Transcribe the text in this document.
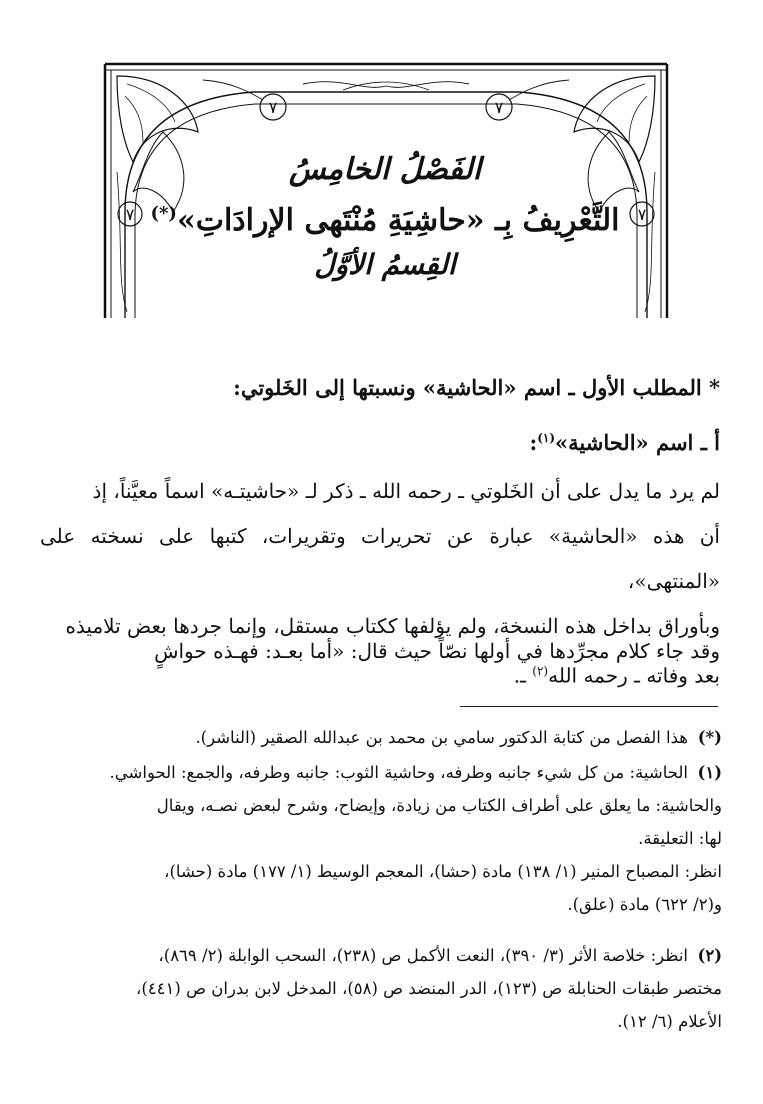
٧	٧
٧	٧

الفَصْلُ الخامِسُ

التَّعْرِيفُ بِـ «حاشِيَةِ مُنْتَهى الإرادَاتِ»(*)

القِسمُ الأوَّلُ

* المطلب الأول ـ اسم «الحاشية» ونسبتها إلى الخَلوتي:
أ ـ اسم «الحاشية»$^{(١)}$:

لم يرد ما يدل على أن الخَلوتي ـ رحمه الله ـ ذكر لـ «حاشيتـه» اسماً معيَّناً، إذ

أن هذه «الحاشية» عبارة عن تحريرات وتقريرات، كتبها على نسخته على «المنتهى»،

وبأوراق بداخل هذه النسخة، ولم يؤلفها ككتاب مستقل، وإنما جردها بعض تلاميذه

بعد وفاته ـ رحمه الله$^{(٢)}$ ـ.

وقد جاء كلام مجرِّدها في أولها نصّاً حيث قال: «أما بعـد: فهـذه حواشٍ
(*)هذا الفصل من كتابة الدكتور سامي بن محمد بن عبدالله الصقير (الناشر).
(١)الحاشية: من كل شيء جانبه وطرفه، وحاشية الثوب: جانبه وطرفه، والجمع: الحواشي.
والحاشية: ما يعلق على أطراف الكتاب من زيادة، وإيضاح، وشرح لبعض نصـه، ويقال
لها: التعليقة.
انظر: المصباح المنير (١/ ١٣٨) مادة (حشا)، المعجم الوسيط (١/ ١٧٧) مادة (حشا)،
و(٢/ ٦٢٢) مادة (علق).
(٢)انظر: خلاصة الأثر (٣/ ٣٩٠)، النعت الأكمل ص (٢٣٨)، السحب الوابلة (٢/ ٨٦٩)،
مختصر طبقات الحنابلة ص (١٢٣)، الدر المنضد ص (٥٨)، المدخل لابن بدران ص (٤٤١)،
الأعلام (٦/ ١٢).
